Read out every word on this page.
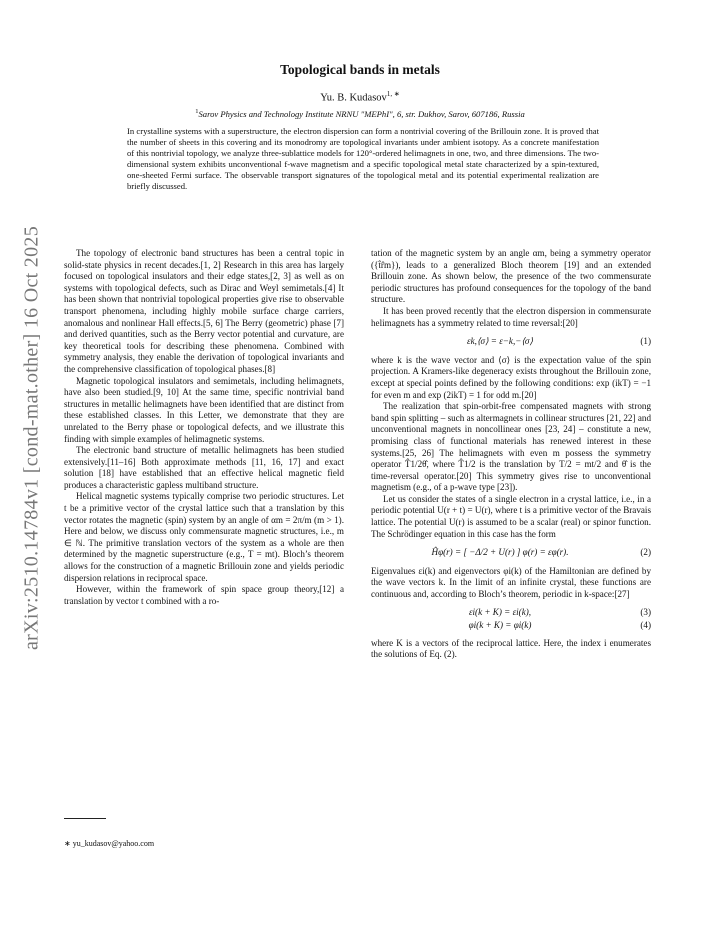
arXiv:2510.14784v1 [cond-mat.other] 16 Oct 2025
Topological bands in metals
Yu. B. Kudasov$^{1, ∗}$
$^1$Sarov Physics and Technology Institute NRNU "MEPhI", 6, str. Dukhov, Sarov, 607186, Russia
In crystalline systems with a superstructure, the electron dispersion can form a nontrivial covering of the Brillouin zone. It is proved that the number of sheets in this covering and its monodromy are topological invariants under ambient isotopy. As a concrete manifestation of this nontrivial topology, we analyze three-sublattice models for 120°-ordered helimagnets in one, two, and three dimensions. The two-dimensional system exhibits unconventional f-wave magnetism and a specific topological metal state characterized by a spin-textured, one-sheeted Fermi surface. The observable transport signatures of the topological metal and its potential experimental realization are briefly discussed.

The topology of electronic band structures has been a central topic in solid-state physics in recent decades.[1, 2] Research in this area has largely focused on topological insulators and their edge states,[2, 3] as well as on systems with topological defects, such as Dirac and Weyl semimetals.[4] It has been shown that nontrivial topological properties give rise to observable transport phenomena, including highly mobile surface charge carriers, anomalous and nonlinear Hall effects.[5, 6] The Berry (geometric) phase [7] and derived quantities, such as the Berry vector potential and curvature, are key theoretical tools for describing these phenomena. Combined with symmetry analysis, they enable the derivation of topological invariants and the comprehensive classification of topological phases.[8]

Magnetic topological insulators and semimetals, including helimagnets, have also been studied.[9, 10] At the same time, specific nontrivial band structures in metallic helimagnets have been identified that are distinct from these established classes. In this Letter, we demonstrate that they are unrelated to the Berry phase or topological defects, and we illustrate this finding with simple examples of helimagnetic systems.

The electronic band structure of metallic helimagnets has been studied extensively.[11–16] Both approximate methods [11, 16, 17] and exact solution [18] have established that an effective helical magnetic field produces a characteristic gapless multiband structure.

Helical magnetic systems typically comprise two periodic structures. Let t be a primitive vector of the crystal lattice such that a translation by this vector rotates the magnetic (spin) system by an angle of αm = 2π/m (m > 1). Here and below, we discuss only commensurate magnetic structures, i.e., m ∈ ℕ. The primitive translation vectors of the system as a whole are then determined by the magnetic superstructure (e.g., T = mt). Bloch’s theorem allows for the construction of a magnetic Brillouin zone and yields periodic dispersion relations in reciprocal space.

However, within the framework of spin space group theory,[12] a translation by vector t combined with a ro-

tation of the magnetic system by an angle αm, being a symmetry operator ({t̂r̂m}), leads to a generalized Bloch theorem [19] and an extended Brillouin zone. As shown below, the presence of the two commensurate periodic structures has profound consequences for the topology of the band structure.

It has been proved recently that the electron dispersion in commensurate helimagnets has a symmetry related to time reversal:[20]

εk,⟨σ⟩ = ε−k,−⟨σ⟩	(1)

where k is the wave vector and ⟨σ⟩ is the expectation value of the spin projection. A Kramers-like degeneracy exists throughout the Brillouin zone, except at special points defined by the following conditions: exp (ikT) = −1 for even m and exp (2ikT) = 1 for odd m.[20]

The realization that spin-orbit-free compensated magnets with strong band spin splitting – such as altermagnets in collinear structures [21, 22] and unconventional magnets in noncollinear ones [23, 24] – constitute a new, promising class of functional materials has renewed interest in these systems.[25, 26] The helimagnets with even m possess the symmetry operator T̂1/2θ̂, where T̂1/2 is the translation by T/2 = mt/2 and θ̂ is the time-reversal operator.[20] This symmetry gives rise to unconventional magnetism (e.g., of a p-wave type [23]).

Let us consider the states of a single electron in a crystal lattice, i.e., in a periodic potential U(r + t) = U(r), where t is a primitive vector of the Bravais lattice. The potential U(r) is assumed to be a scalar (real) or spinor function. The Schrödinger equation in this case has the form

Ĥφ(r) = [ −Δ/2 + U(r) ] φ(r) = εφ(r).	(2)

Eigenvalues εi(k) and eigenvectors φi(k) of the Hamiltonian are defined by the wave vectors k. In the limit of an infinite crystal, these functions are continuous and, according to Bloch’s theorem, periodic in k-space:[27]

εi(k + K) = εi(k),	(3)
φi(k + K) = φi(k)	(4)

where K is a vectors of the reciprocal lattice. Here, the index i enumerates the solutions of Eq. (2).

∗ yu_kudasov@yahoo.com
